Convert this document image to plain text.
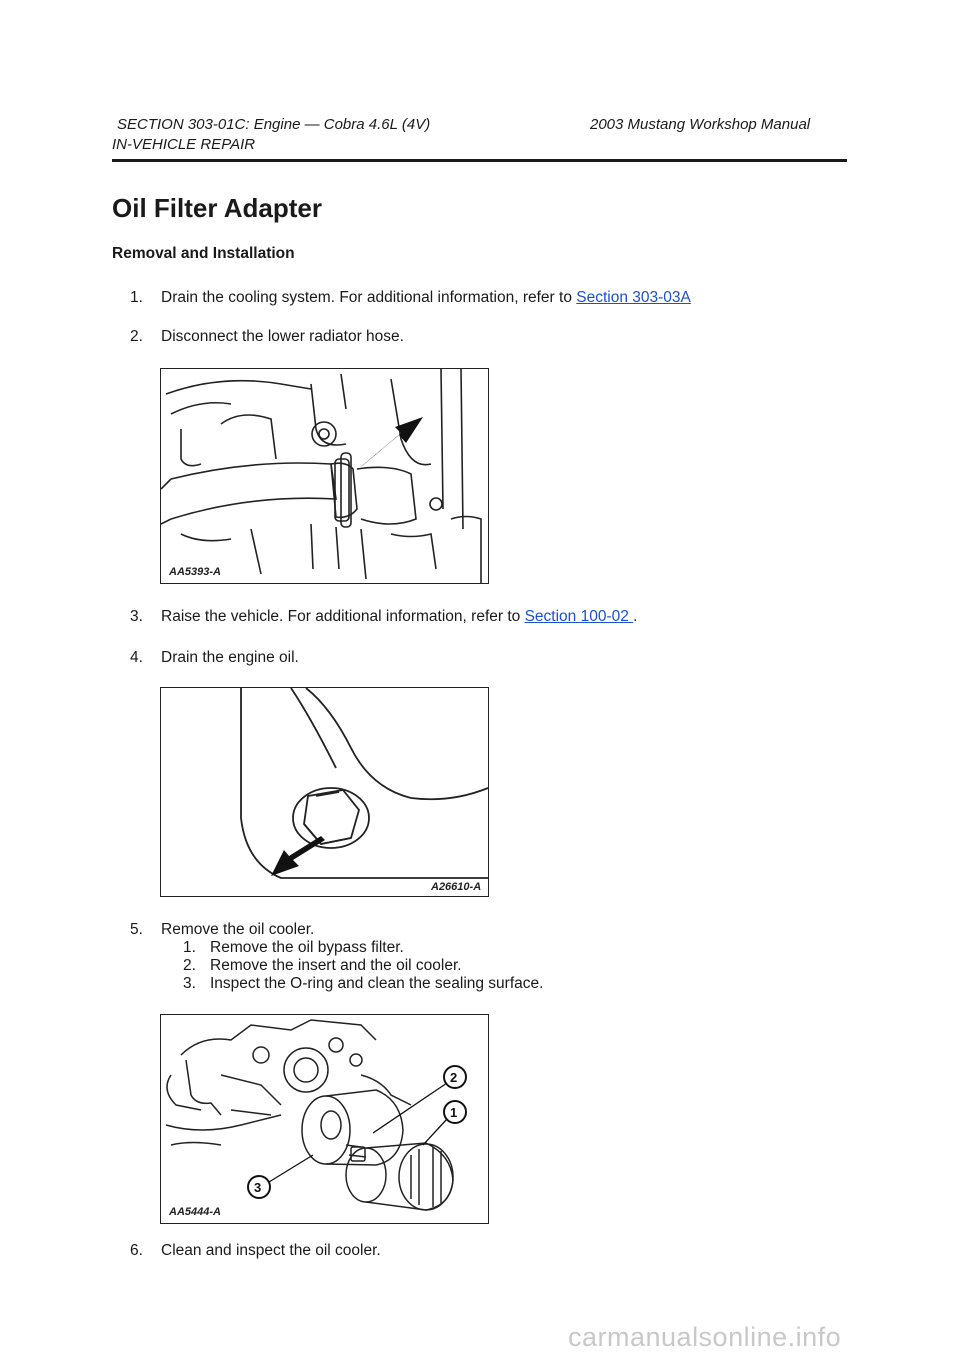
SECTION 303-01C: Engine — Cobra 4.6L (4V)	2003 Mustang Workshop Manual
IN-VEHICLE REPAIR
Oil Filter Adapter
Removal and Installation
1. Drain the cooling system. For additional information, refer to Section 303-03A
2. Disconnect the lower radiator hose.
AA5393-A
3. Raise the vehicle. For additional information, refer to Section 100-02 .
4. Drain the engine oil.
A26610-A
5. Remove the oil cooler.
1. Remove the oil bypass filter.
2. Remove the insert and the oil cooler.
3. Inspect the O-ring and clean the sealing surface.
2
1
3
AA5444-A
6. Clean and inspect the oil cooler.
carmanualsonline.info
